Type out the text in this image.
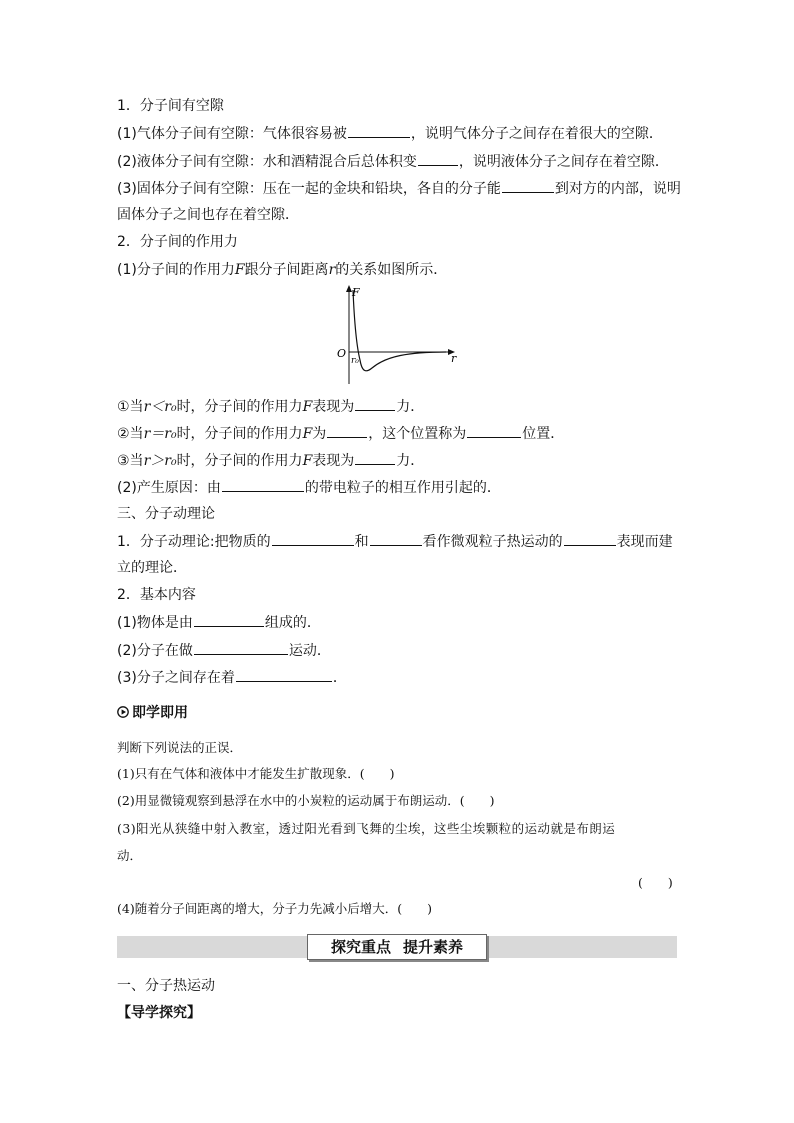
1．分子间有空隙
(1)气体分子间有空隙：气体很容易被	，说明气体分子之间存在着很大的空隙．
(2)液体分子间有空隙：水和酒精混合后总体积变	，说明液体分子之间存在着空隙．
(3)固体分子间有空隙：压在一起的金块和铅块，各自的分子能	到对方的内部，说明
固体分子之间也存在着空隙．
2．分子间的作用力
(1)分子间的作用力F跟分子间距离r的关系如图所示．
F
r
O
r₀
①当r＜r₀时，分子间的作用力F表现为	力．
②当r＝r₀时，分子间的作用力F为	，这个位置称为	位置．
③当r＞r₀时，分子间的作用力F表现为	力．
(2)产生原因：由	的带电粒子的相互作用引起的．
三、分子动理论
1．分子动理论:把物质的	和	看作微观粒子热运动的	表现而建
立的理论．
2．基本内容
(1)物体是由	组成的．
(2)分子在做	运动．
(3)分子之间存在着	．
即学即用
判断下列说法的正误．
(1)只有在气体和液体中才能发生扩散现象．(　　)
(2)用显微镜观察到悬浮在水中的小炭粒的运动属于布朗运动．(　　)
(3)阳光从狭缝中射入教室，透过阳光看到飞舞的尘埃，这些尘埃颗粒的运动就是布朗运
动．
(　　)
(4)随着分子间距离的增大，分子力先减小后增大．(　　)
探究重点 提升素养
一、分子热运动
【导学探究】
